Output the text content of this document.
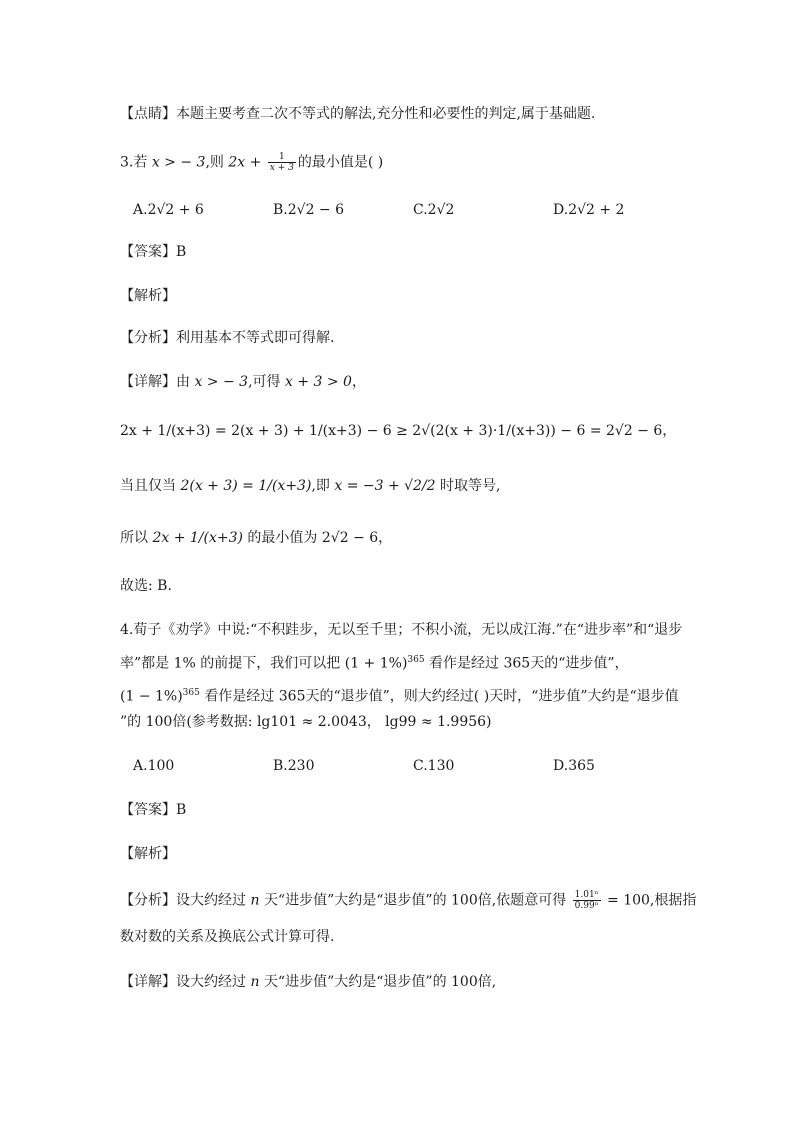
【点睛】本题主要考查二次不等式的解法,充分性和必要性的判定,属于基础题.
3.若 x > − 3,则 $2x + \frac{1}{x + 3}$ 的最小值是( )
A.2√2 + 6	B.2√2 − 6	C.2√2	D.2√2 + 2
【答案】B
【解析】
【分析】利用基本不等式即可得解.
【详解】由 x > − 3,可得 x + 3 > 0，
2x + 1/(x+3) = 2(x + 3) + 1/(x+3) − 6 ≥ 2√(2(x + 3)·1/(x+3)) − 6 = 2√2 − 6，
当且仅当 2(x + 3) = 1/(x+3),即 x = −3 + √2/2 时取等号,
所以 2x + 1/(x+3) 的最小值为 2√2 − 6，
故选: B.
4.荀子《劝学》中说:“不积跬步，无以至千里；不积小流，无以成江海.”在“进步率”和“退步
率”都是 1% 的前提下，我们可以把 $(1 + 1\%)^{365}$ 看作是经过 365天的“进步值”，
$(1 - 1\%)^{365}$ 看作是经过 365天的“退步值”，则大约经过( )天时，“进步值”大约是“退步值
”的 100倍(参考数据: lg101 ≈ 2.0043， lg99 ≈ 1.9956)
A.100	B.230	C.130	D.365
【答案】B
【解析】
【分析】设大约经过 n 天“进步值”大约是“退步值”的 100倍,依题意可得 $\frac{\text{1.01ⁿ}}{\text{0.99ⁿ}} = 100$,根据指
数对数的关系及换底公式计算可得.
【详解】设大约经过 n 天“进步值”大约是“退步值”的 100倍,
